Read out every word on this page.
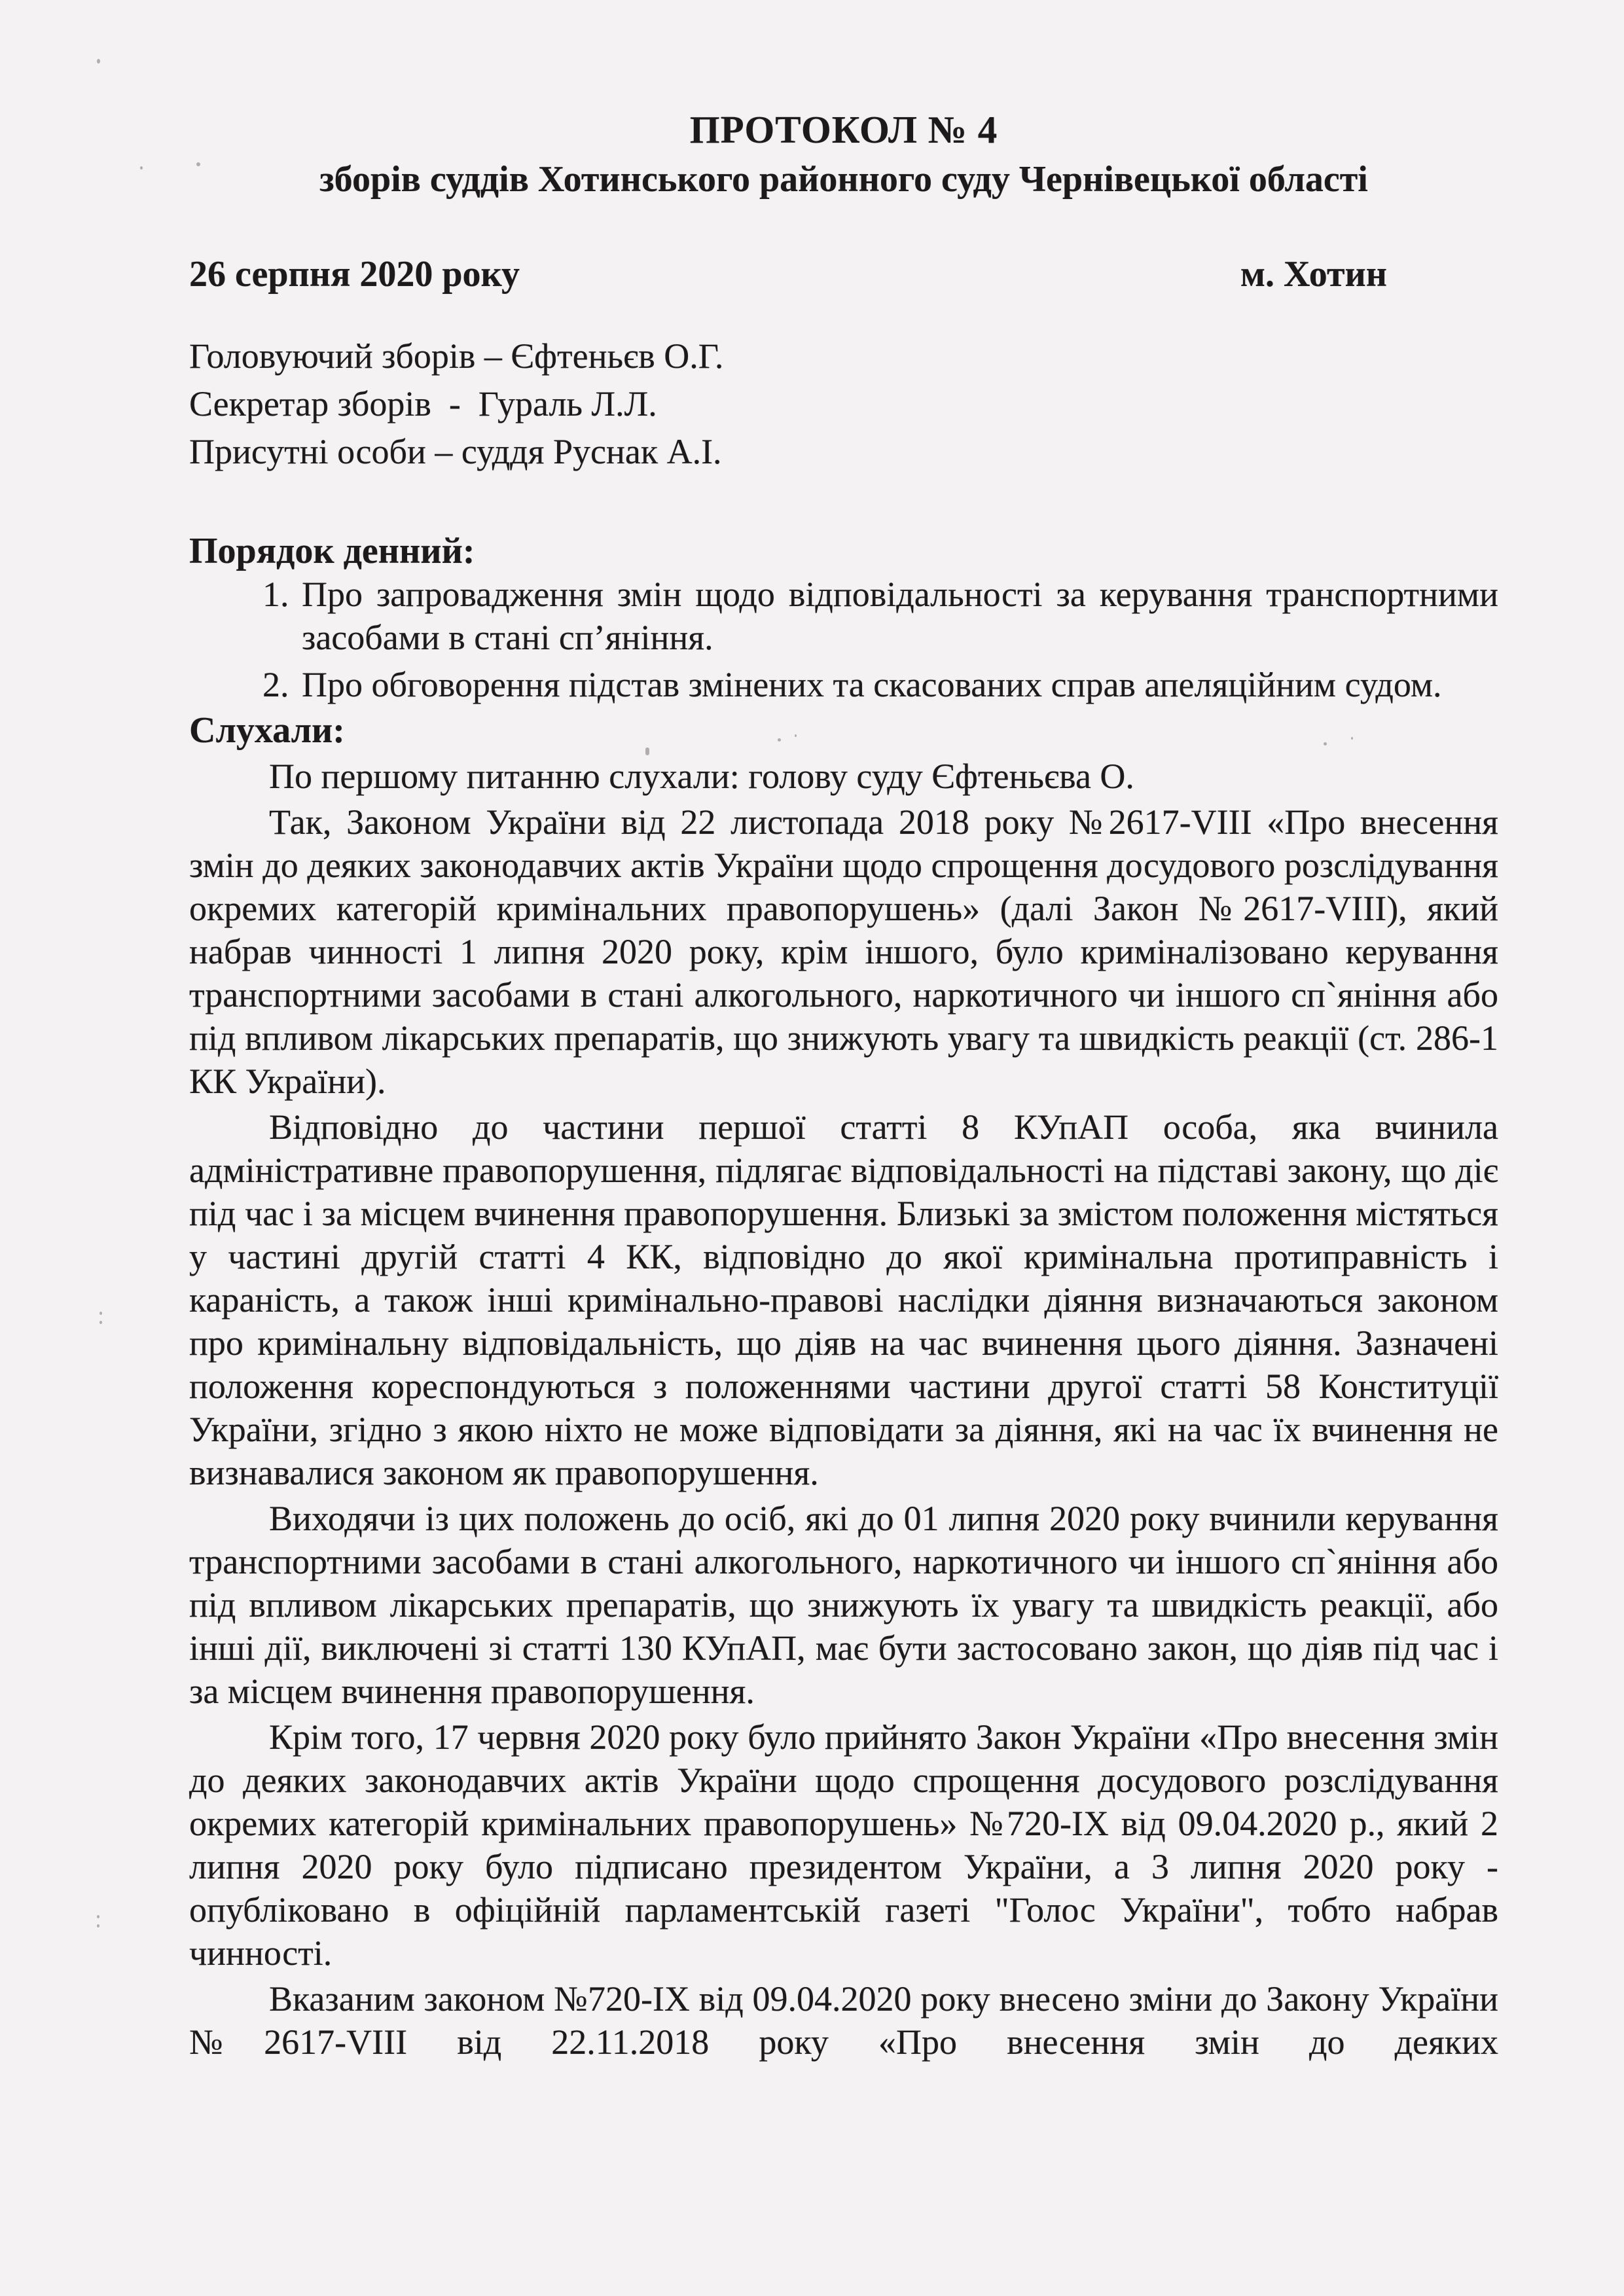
ПРОТОКОЛ № 4
зборів суддів Хотинського районного суду Чернівецької області
26 серпня 2020 року	м. Хотин
Головуючий зборів – Єфтеньєв О.Г.
Секретар зборів  -  Гураль Л.Л.
Присутні особи – суддя Руснак А.І.
Порядок денний:
1. Про запровадження змін щодо відповідальності за керування транспортними засобами в стані сп’яніння.
2. Про обговорення підстав змінених та скасованих справ апеляційним судом.
Слухали:

По першому питанню слухали: голову суду Єфтеньєва О.

Так, Законом України від 22 листопада 2018 року №2617-VIII «Про внесення змін до деяких законодавчих актів України щодо спрощення досудового розслідування окремих категорій кримінальних правопорушень» (далі Закон №2617-VIII), який набрав чинності 1 липня 2020 року, крім іншого, було криміналізовано керування транспортними засобами в стані алкогольного, наркотичного чи іншого сп`яніння або під впливом лікарських препаратів, що знижують увагу та швидкість реакції (ст. 286-1 КК України).

Відповідно до частини першої статті 8 КУпАП особа, яка вчинила адміністративне правопорушення, підлягає відповідальності на підставі закону, що діє під час і за місцем вчинення правопорушення. Близькі за змістом положення містяться у частині другій статті 4 КК, відповідно до якої кримінальна протиправність і караність, а також інші кримінально-правові наслідки діяння визначаються законом про кримінальну відповідальність, що діяв на час вчинення цього діяння. Зазначені положення кореспондуються з положеннями частини другої статті 58 Конституції України, згідно з якою ніхто не може відповідати за діяння, які на час їх вчинення не визнавалися законом як правопорушення.

Виходячи із цих положень до осіб, які до 01 липня 2020 року вчинили керування транспортними засобами в стані алкогольного, наркотичного чи іншого сп`яніння або під впливом лікарських препаратів, що знижують їх увагу та швидкість реакції, або інші дії, виключені зі статті 130 КУпАП, має бути застосовано закон, що діяв під час і за місцем вчинення правопорушення.

Крім того, 17 червня 2020 року було прийнято Закон України «Про внесення змін до деяких законодавчих актів України щодо спрощення досудового розслідування окремих категорій кримінальних правопорушень» №720-IX від 09.04.2020 р., який 2 липня 2020 року було підписано президентом України, а 3 липня 2020 року - опубліковано в офіційній парламентській газеті "Голос України", тобто набрав чинності.

Вказаним законом №720-IX від 09.04.2020 року внесено зміни до Закону України №2617-VIII від 22.11.2018 року «Про внесення змін до деяких
